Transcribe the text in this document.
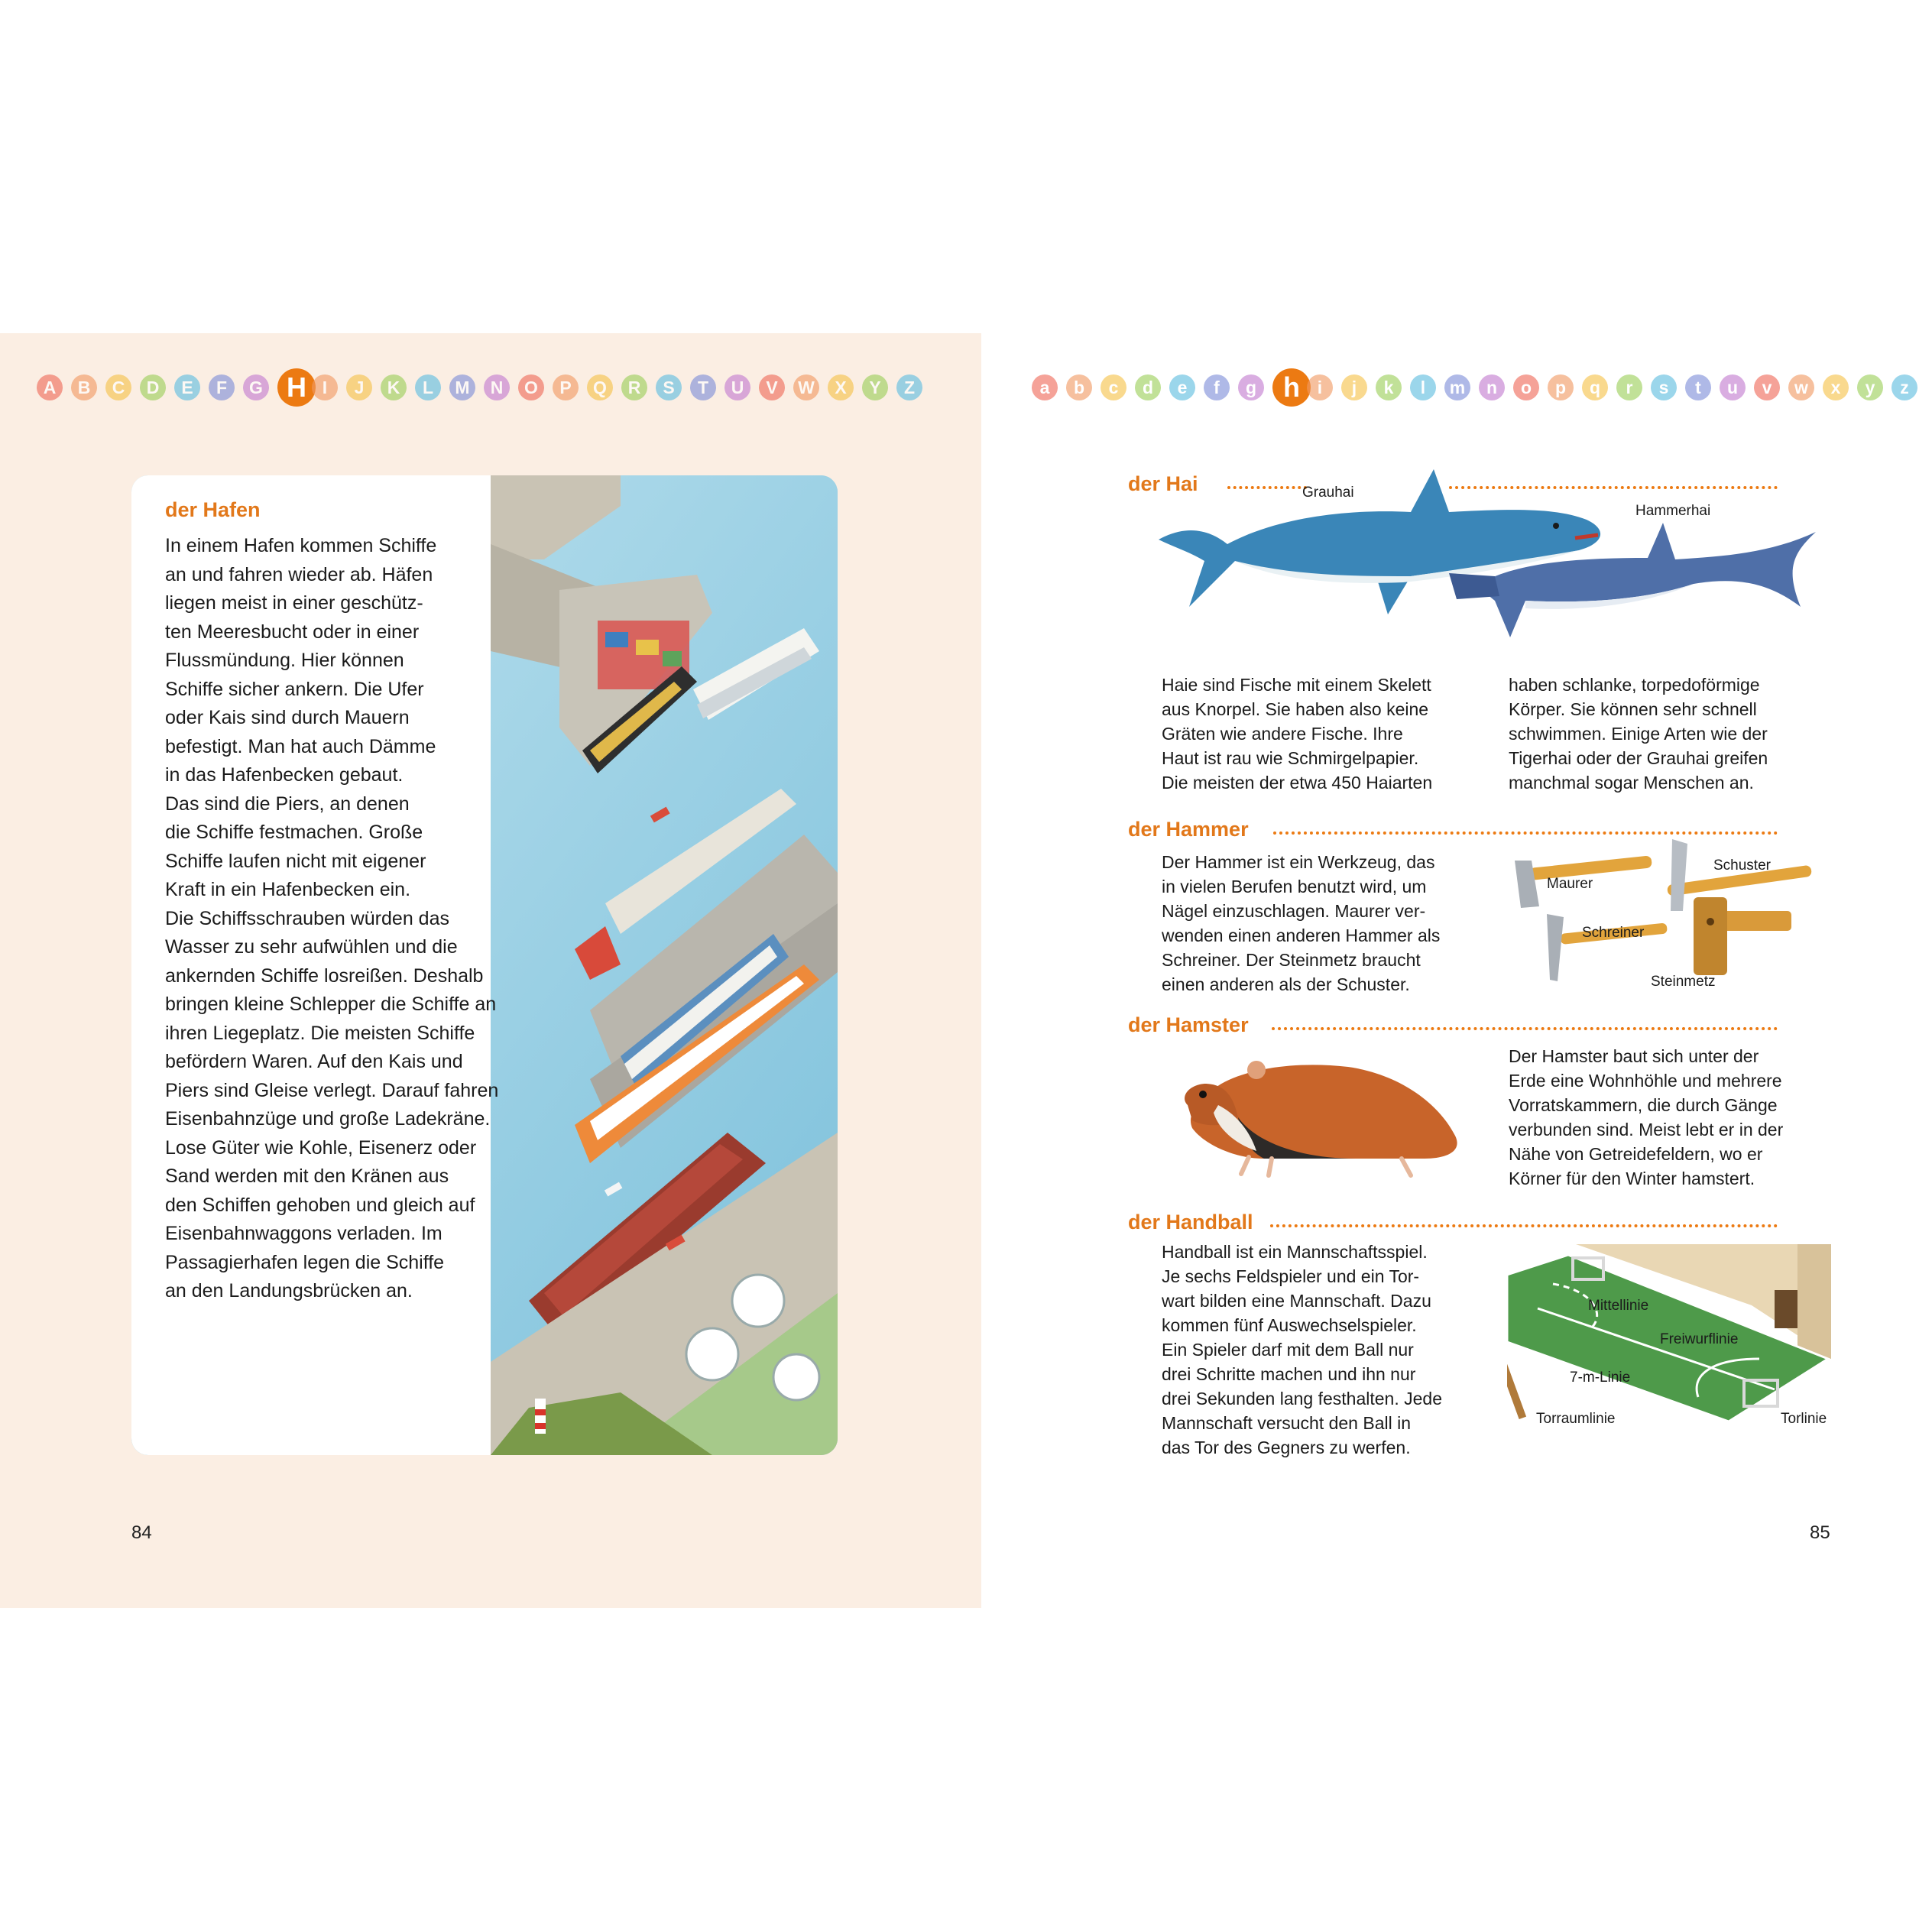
A	B	C	D	E	F	G H I	J	K	L	M	N	O	P	Q	R	S	T	U	V	W	X	Y	Z
der Hafen
In einem Hafen kommen Schiffe
an und fahren wieder ab. Häfen
liegen meist in einer geschütz-
ten Meeresbucht oder in einer
Flussmündung. Hier können
Schiffe sicher ankern. Die Ufer
oder Kais sind durch Mauern
befestigt. Man hat auch Dämme
in das Hafenbecken gebaut.
Das sind die Piers, an denen
die Schiffe festmachen. Große
Schiffe laufen nicht mit eigener
Kraft in ein Hafenbecken ein.
Die Schiffsschrauben würden das
Wasser zu sehr aufwühlen und die
ankernden Schiffe losreißen. Deshalb
bringen kleine Schlepper die Schiffe an
ihren Liegeplatz. Die meisten Schiffe
befördern Waren. Auf den Kais und
Piers sind Gleise verlegt. Darauf fahren
Eisenbahnzüge und große Ladekräne.
Lose Güter wie Kohle, Eisenerz oder
Sand werden mit den Kränen aus
den Schiffen gehoben und gleich auf
Eisenbahnwaggons verladen. Im
Passagierhafen legen die Schiffe
an den Landungsbrücken an.
84
a	b	c	d	e	f	g h i	j	k	l	m	n	o	p	q	r	s	t	u	v	w	x	y	z
der Hai	Grauhai
Hammerhai
Haie sind Fische mit einem Skelett
aus Knorpel. Sie haben also keine
Gräten wie andere Fische. Ihre
Haut ist rau wie Schmirgelpapier.
Die meisten der etwa 450 Haiarten
haben schlanke, torpedoförmige
Körper. Sie können sehr schnell
schwimmen. Einige Arten wie der
Tigerhai oder der Grauhai greifen
manchmal sogar Menschen an.
der Hammer
Der Hammer ist ein Werkzeug, das
in vielen Berufen benutzt wird, um
Nägel einzuschlagen. Maurer ver-
wenden einen anderen Hammer als
Schreiner. Der Steinmetz braucht
einen anderen als der Schuster.
Maurer
Schuster
Schreiner
Steinmetz
der Hamster
Der Hamster baut sich unter der
Erde eine Wohnhöhle und mehrere
Vorratskammern, die durch Gänge
verbunden sind. Meist lebt er in der
Nähe von Getreidefeldern, wo er
Körner für den Winter hamstert.
der Handball
Handball ist ein Mannschaftsspiel.
Je sechs Feldspieler und ein Tor-
wart bilden eine Mannschaft. Dazu
kommen fünf Auswechselspieler.
Ein Spieler darf mit dem Ball nur
drei Schritte machen und ihn nur
drei Sekunden lang festhalten. Jede
Mannschaft versucht den Ball in
das Tor des Gegners zu werfen.
Mittellinie
Freiwurflinie
7-m-Linie
Torraumlinie	Torlinie
85
